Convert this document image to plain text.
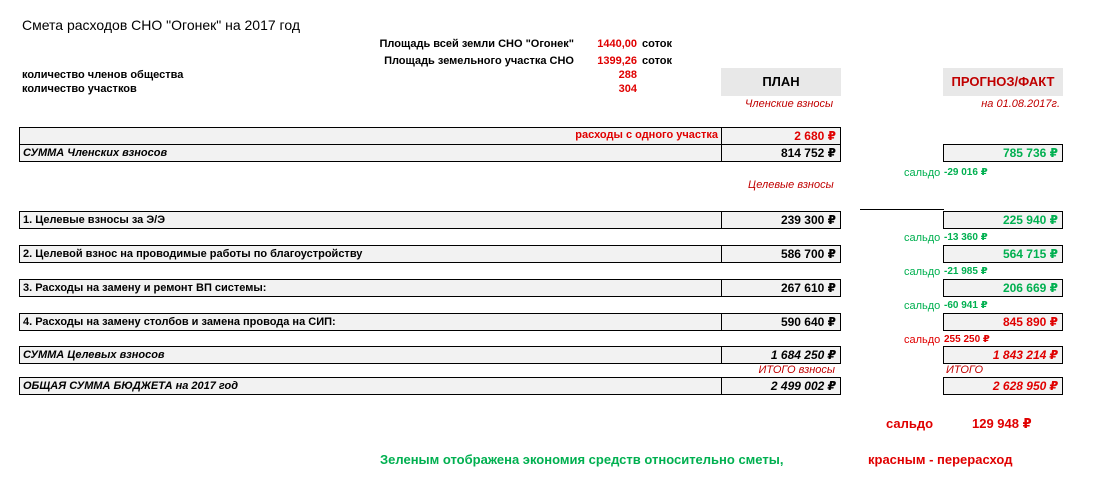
Смета расходов СНО "Огонек" на 2017 год
Площадь всей земли СНО "Огонек"	1440,00 соток
Площадь земельного участка СНО	1399,26 соток
количество членов общества	288
количество участков	304	ПЛАН	ПРОГНОЗ/ФАКТ
Членские взносы	на 01.08.2017г.
расходы с одного участка	2 680 ₽
СУММА Членских взносов	814 752 ₽	785 736 ₽
сальдо -29 016 ₽
Целевые взносы
1. Целевые взносы за Э/Э	239 300 ₽	225 940 ₽
сальдо -13 360 ₽
2. Целевой взнос на проводимые работы по благоустройству	586 700 ₽	564 715 ₽
сальдо -21 985 ₽
3. Расходы на замену и ремонт ВП системы:	267 610 ₽	206 669 ₽
сальдо -60 941 ₽
4. Расходы на замену столбов и замена провода на СИП:	590 640 ₽	845 890 ₽
сальдо 255 250 ₽
СУММА Целевых взносов	1 684 250 ₽	1 843 214 ₽
ИТОГО взносы	ИТОГО
ОБЩАЯ СУММА БЮДЖЕТА на 2017 год	2 499 002 ₽	2 628 950 ₽
сальдо	129 948 ₽
Зеленым отображена экономия средств относительно сметы,	красным - перерасход
